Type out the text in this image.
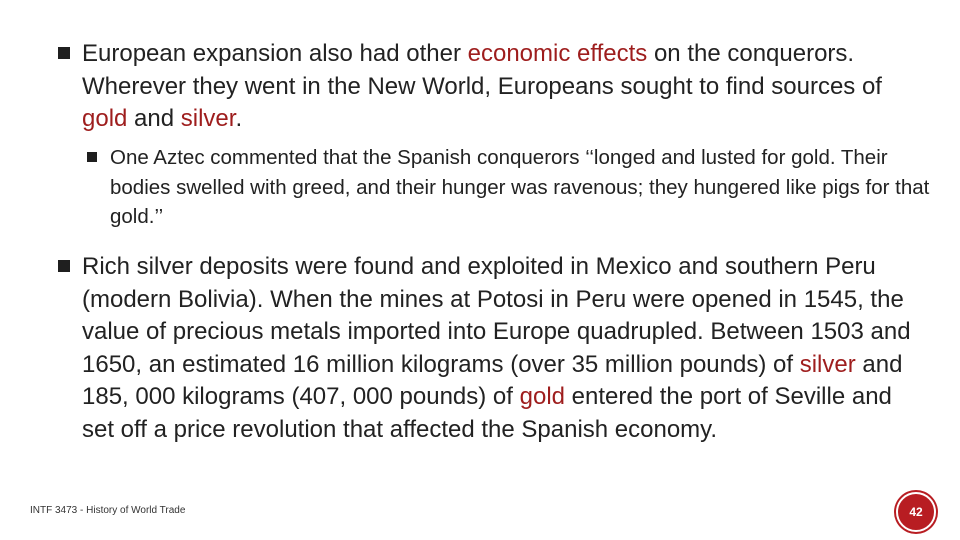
European expansion also had other economic effects on the conquerors. Wherever they went in the New World, Europeans sought to find sources of gold and silver.
One Aztec commented that the Spanish conquerors ‘‘longed and lusted for gold. Their bodies swelled with greed, and their hunger was ravenous; they hungered like pigs for that gold.’’
Rich silver deposits were found and exploited in Mexico and southern Peru (modern Bolivia). When the mines at Potosi in Peru were opened in 1545, the value of precious metals imported into Europe quadrupled. Between 1503 and 1650, an estimated 16 million kilograms (over 35 million pounds) of silver and 185, 000 kilograms (407, 000 pounds) of gold entered the port of Seville and set off a price revolution that affected the Spanish economy.
INTF 3473 - History of World Trade	42
